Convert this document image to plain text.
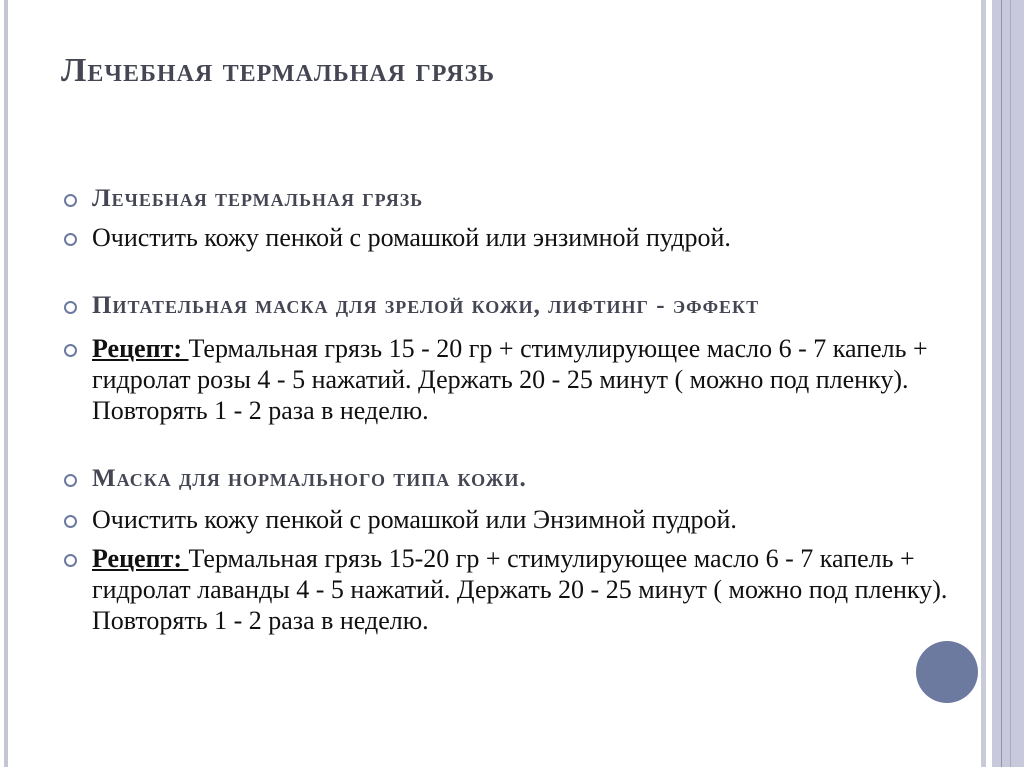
Лечебная термальная грязь
Лечебная термальная грязь
Очистить кожу пенкой с ромашкой или энзимной пудрой.
Питательная маска для зрелой кожи, лифтинг - эффект
Рецепт: Термальная грязь 15 - 20 гр + стимулирующее масло 6 - 7 капель + гидролат розы 4 - 5 нажатий. Держать 20 - 25 минут ( можно под пленку). Повторять 1 - 2 раза в неделю.
Маска для нормального типа кожи.
Очистить кожу пенкой с ромашкой или Энзимной пудрой.
Рецепт: Термальная грязь 15-20 гр + стимулирующее масло 6 - 7 капель + гидролат лаванды 4 - 5 нажатий. Держать 20 - 25 минут ( можно под пленку). Повторять 1 - 2 раза в неделю.
